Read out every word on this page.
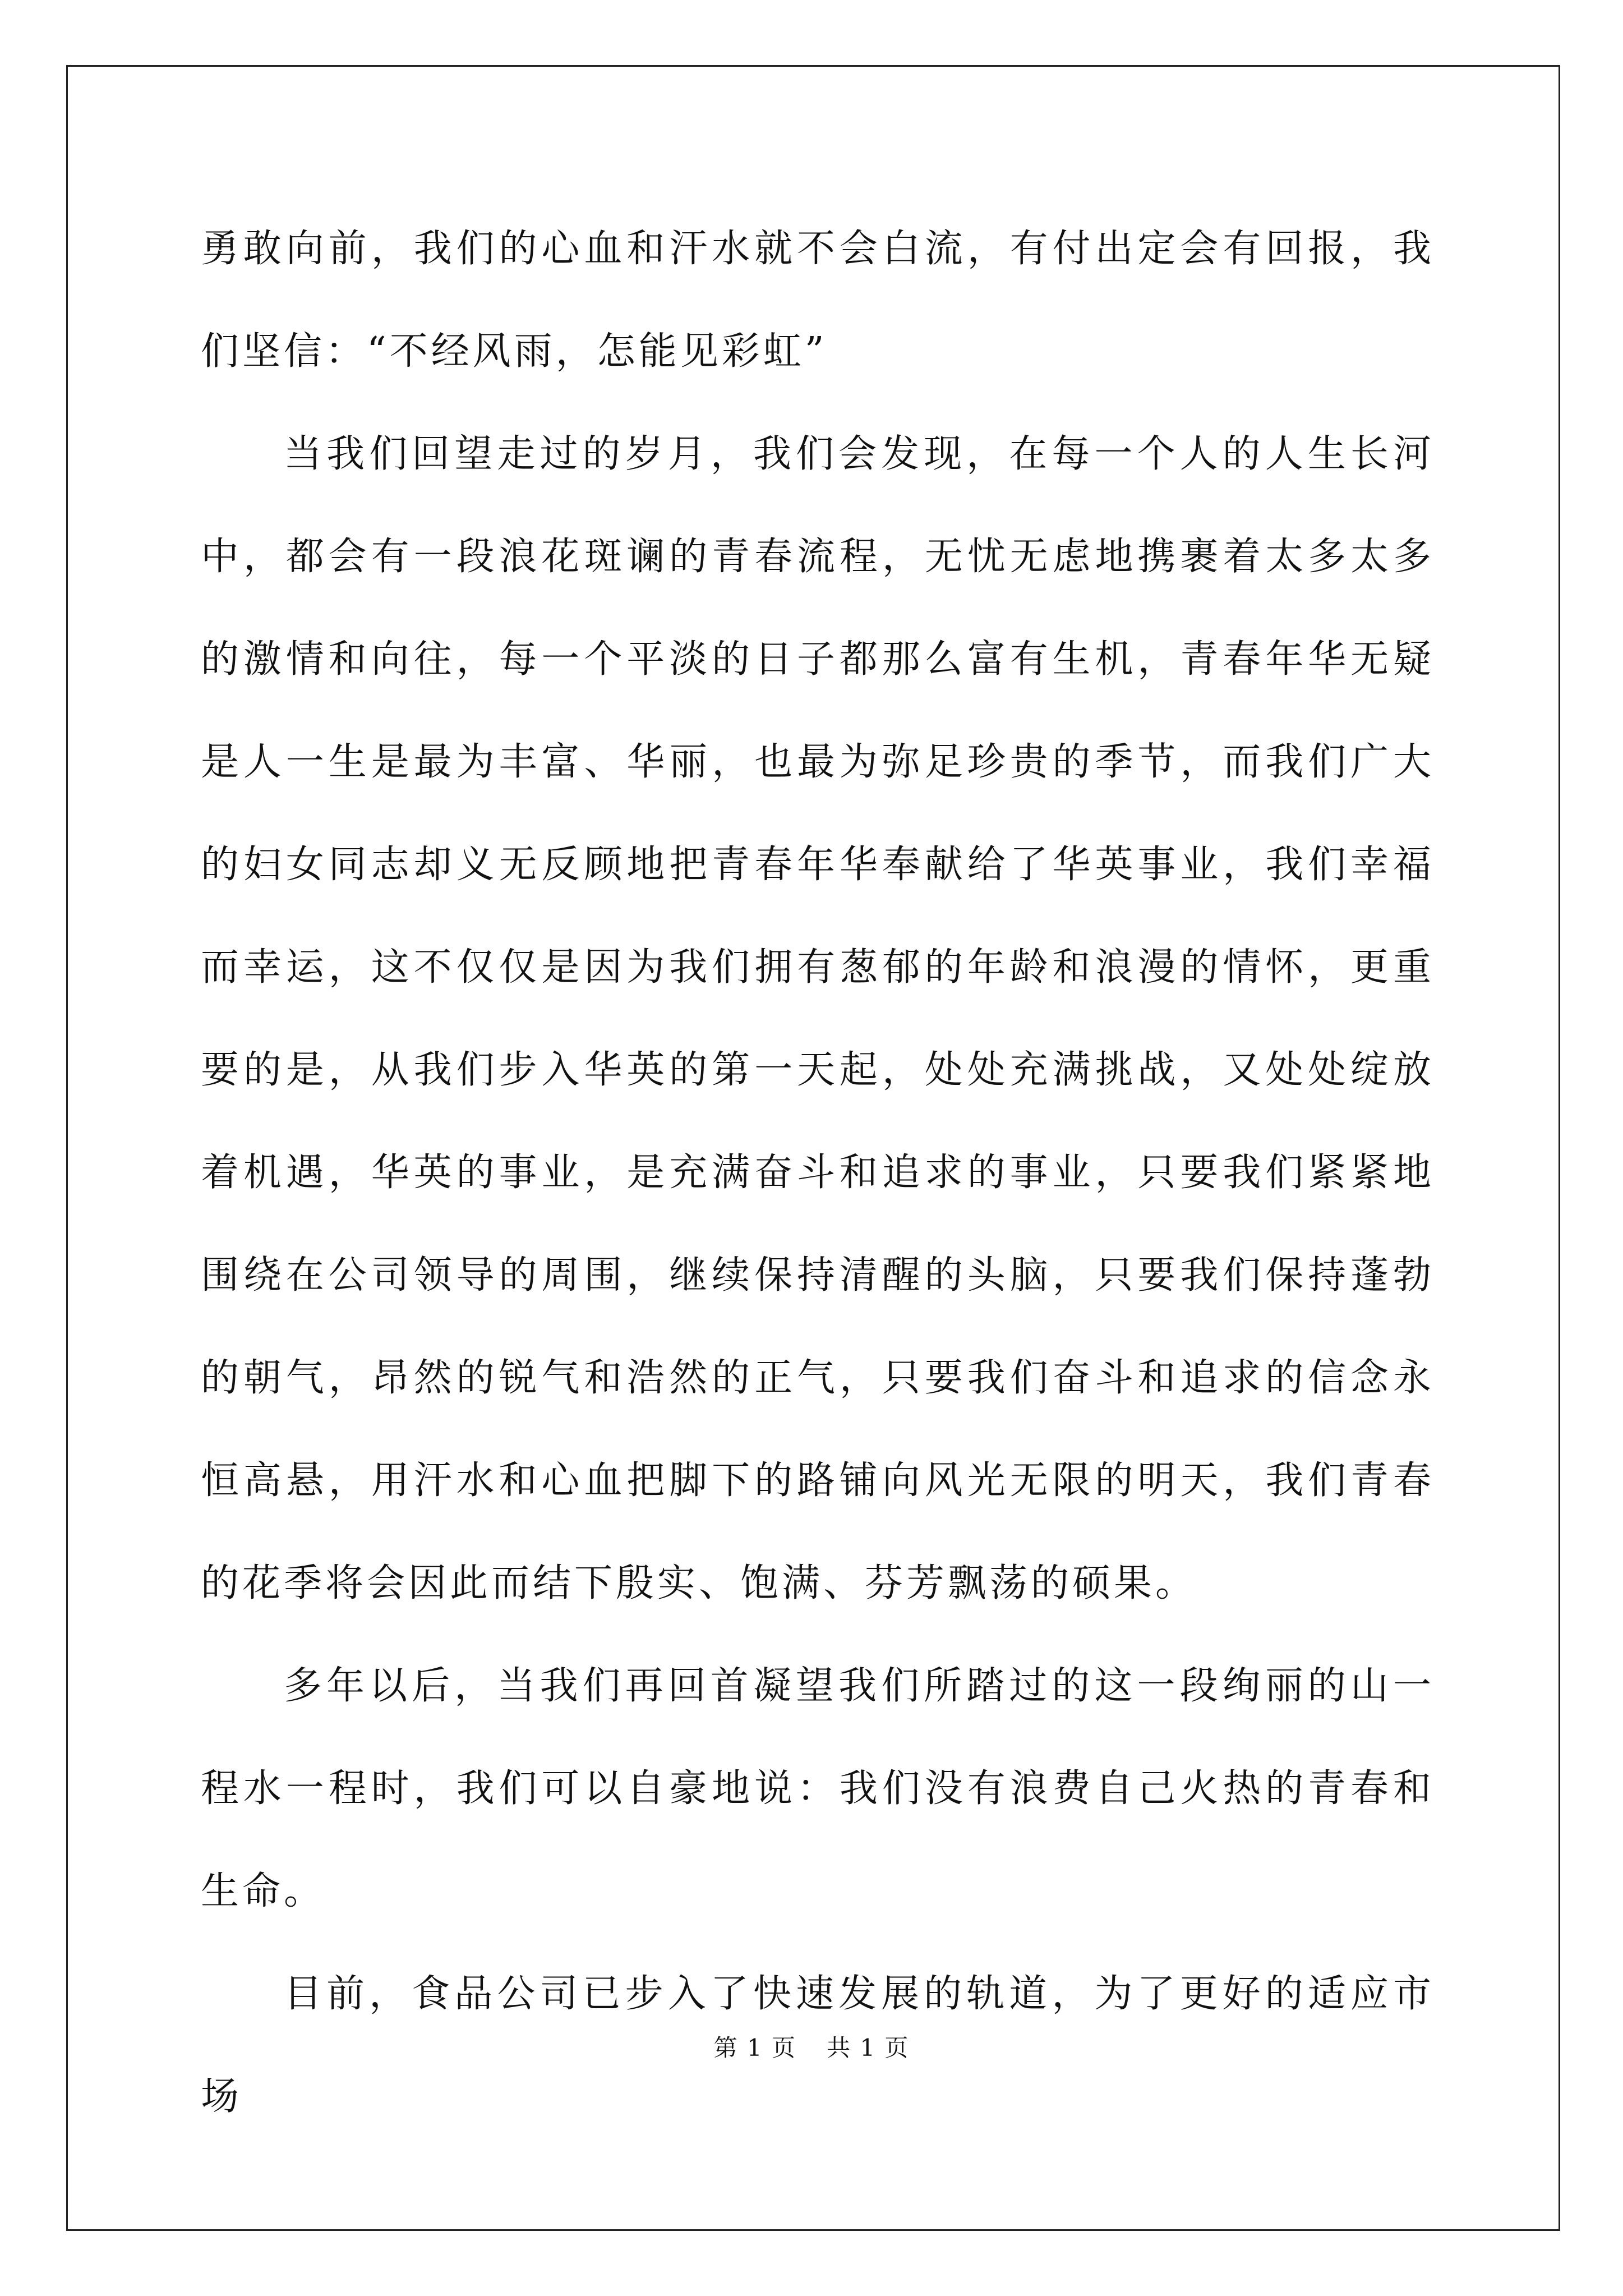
勇敢向前，我们的心血和汗水就不会白流，有付出定会有回报，我们坚信：“不经风雨，怎能见彩虹”

当我们回望走过的岁月，我们会发现，在每一个人的人生长河中，都会有一段浪花斑谰的青春流程，无忧无虑地携裹着太多太多的激情和向往，每一个平淡的日子都那么富有生机，青春年华无疑是人一生是最为丰富、华丽，也最为弥足珍贵的季节，而我们广大的妇女同志却义无反顾地把青春年华奉献给了华英事业，我们幸福而幸运，这不仅仅是因为我们拥有葱郁的年龄和浪漫的情怀，更重要的是，从我们步入华英的第一天起，处处充满挑战，又处处绽放着机遇，华英的事业，是充满奋斗和追求的事业，只要我们紧紧地围绕在公司领导的周围，继续保持清醒的头脑，只要我们保持蓬勃的朝气，昂然的锐气和浩然的正气，只要我们奋斗和追求的信念永恒高悬，用汗水和心血把脚下的路铺向风光无限的明天，我们青春的花季将会因此而结下殷实、饱满、芬芳飘荡的硕果。

多年以后，当我们再回首凝望我们所踏过的这一段绚丽的山一程水一程时，我们可以自豪地说：我们没有浪费自己火热的青春和生命。

目前，食品公司已步入了快速发展的轨道，为了更好的适应市场

第 1 页 共 1 页
